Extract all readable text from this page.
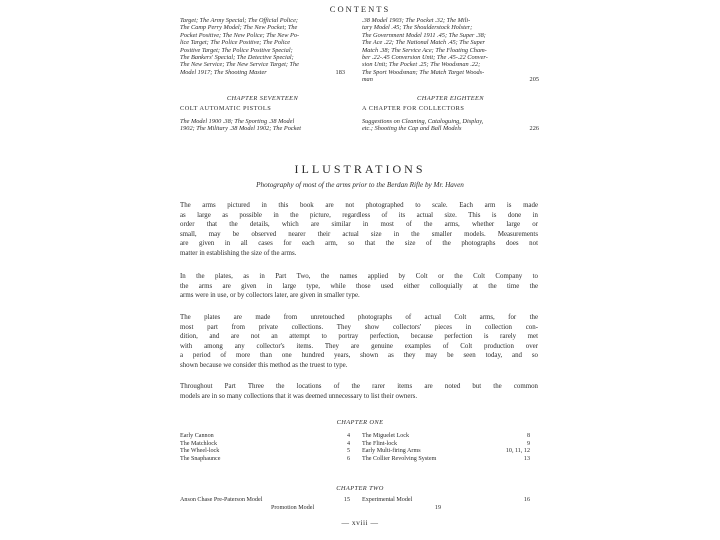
CONTENTS
Target; The Army Special; The Official Police;
The Camp Perry Model; The New Pocket; The
Pocket Positive; The New Police; The New Po-
lice Target; The Police Positive; The Police
Positive Target; The Police Positive Special;
The Bankers' Special; The Detective Special;
The New Service; The New Service Target; The
Model 1917; The Shooting Master	183
.38 Model 1903; The Pocket .32; The Mili-
tary Model .45; The Shoulderstock Holster;
The Government Model 1911 .45; The Super .38;
The Ace .22; The National Match .45; The Super
Match .38; The Service Ace; The Floating Cham-
ber .22-.45 Conversion Unit; The .45-.22 Conver-
sion Unit; The Pocket .25; The Woodsman .22;
The Sport Woodsman; The Match Target Woods-
man	205
CHAPTER SEVENTEEN
COLT AUTOMATIC PISTOLS
The Model 1900 .38; The Sporting .38 Model
1902; The Military .38 Model 1902; The Pocket
CHAPTER EIGHTEEN
A CHAPTER FOR COLLECTORS
Suggestions on Cleaning, Cataloguing, Display,
etc.; Shooting the Cap and Ball Models	226
ILLUSTRATIONS
Photography of most of the arms prior to the Berdan Rifle by Mr. Haven
The arms pictured in this book are not photographed to scale. Each arm is made
as large as possible in the picture, regardless of its actual size. This is done in
order that the details, which are similar in most of the arms, whether large or
small, may be observed nearer their actual size in the smaller models. Measurements
are given in all cases for each arm, so that the size of the photographs does not
matter in establishing the size of the arms.
In the plates, as in Part Two, the names applied by Colt or the Colt Company to
the arms are given in large type, while those used either colloquially at the time the
arms were in use, or by collectors later, are given in smaller type.
The plates are made from unretouched photographs of actual Colt arms, for the
most part from private collections. They show collectors' pieces in collection con-
dition, and are not an attempt to portray perfection, because perfection is rarely met
with among any collector's items. They are genuine examples of Colt production over
a period of more than one hundred years, shown as they may be seen today, and so
shown because we consider this method as the truest to type.
Throughout Part Three the locations of the rarer items are noted but the common
models are in so many collections that it was deemed unnecessary to list their owners.
CHAPTER ONE
Early Cannon	4
The Matchlock	4
The Wheel-lock	5
The Snaphaunce	6
The Miguelet Lock	8
The Flint-lock	9
Early Multi-firing Arms	10, 11, 12
The Collier Revolving System	13
CHAPTER TWO
Anson Chase Pre-Paterson Model	15 Experimental Model	16
Promotion Model	19
— xviii —
